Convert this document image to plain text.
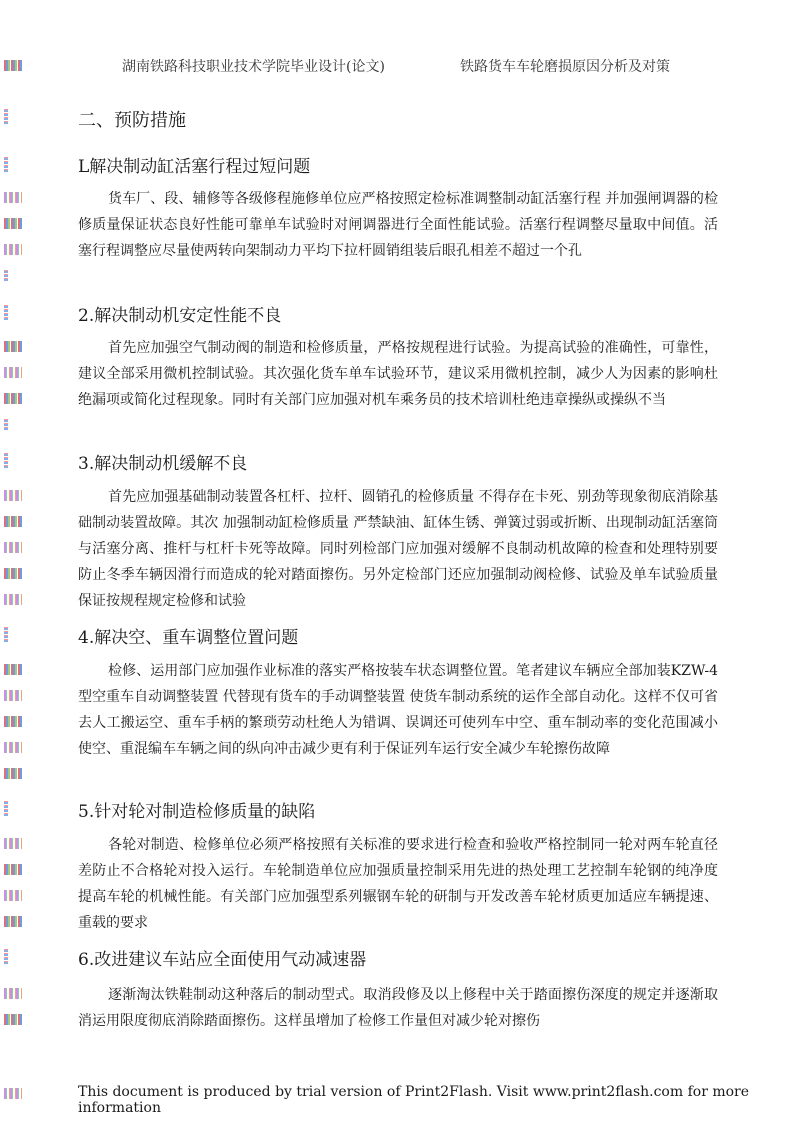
湖南铁路科技职业技术学院毕业设计(论文)	铁路货车车轮磨损原因分析及对策
二、预防措施
L解决制动缸活塞行程过短问题

货车厂、段、辅修等各级修程施修单位应严格按照定检标准调整制动缸活塞行程 并加强闸调器的检修质量保证状态良好性能可靠单车试验时对闸调器进行全面性能试验。活塞行程调整尽量取中间值。活塞行程调整应尽量使两转向架制动力平均下拉杆圆销组装后眼孔相差不超过一个孔

2.解决制动机安定性能不良

首先应加强空气制动阀的制造和检修质量，严格按规程进行试验。为提高试验的准确性，可靠性，建议全部采用微机控制试验。其次强化货车单车试验环节，建议采用微机控制，减少人为因素的影响杜绝漏项或简化过程现象。同时有关部门应加强对机车乘务员的技术培训杜绝违章操纵或操纵不当

3.解决制动机缓解不良

首先应加强基础制动装置各杠杆、拉杆、圆销孔的检修质量 不得存在卡死、别劲等现象彻底消除基础制动装置故障。其次 加强制动缸检修质量 严禁缺油、缸体生锈、弹簧过弱或折断、出现制动缸活塞筒与活塞分离、推杆与杠杆卡死等故障。同时列检部门应加强对缓解不良制动机故障的检查和处理特别要防止冬季车辆因滑行而造成的轮对踏面擦伤。另外定检部门还应加强制动阀检修、试验及单车试验质量保证按规程规定检修和试验

4.解决空、重车调整位置问题

检修、运用部门应加强作业标准的落实严格按装车状态调整位置。笔者建议车辆应全部加装KZW-4型空重车自动调整装置 代替现有货车的手动调整装置 使货车制动系统的运作全部自动化。这样不仅可省去人工搬运空、重车手柄的繁琐劳动杜绝人为错调、误调还可使列车中空、重车制动率的变化范围减小使空、重混编车车辆之间的纵向冲击减少更有利于保证列车运行安全减少车轮擦伤故障

5.针对轮对制造检修质量的缺陷

各轮对制造、检修单位必须严格按照有关标准的要求进行检查和验收严格控制同一轮对两车轮直径差防止不合格轮对投入运行。车轮制造单位应加强质量控制采用先进的热处理工艺控制车轮钢的纯净度提高车轮的机械性能。有关部门应加强型系列辗钢车轮的研制与开发改善车轮材质更加适应车辆提速、重载的要求

6.改进建议车站应全面使用气动减速器

逐渐淘汰铁鞋制动这种落后的制动型式。取消段修及以上修程中关于踏面擦伤深度的规定并逐渐取消运用限度彻底消除踏面擦伤。这样虽增加了检修工作量但对减少轮对擦伤

This document is produced by trial version of Print2Flash. Visit www.print2flash.com for more information
